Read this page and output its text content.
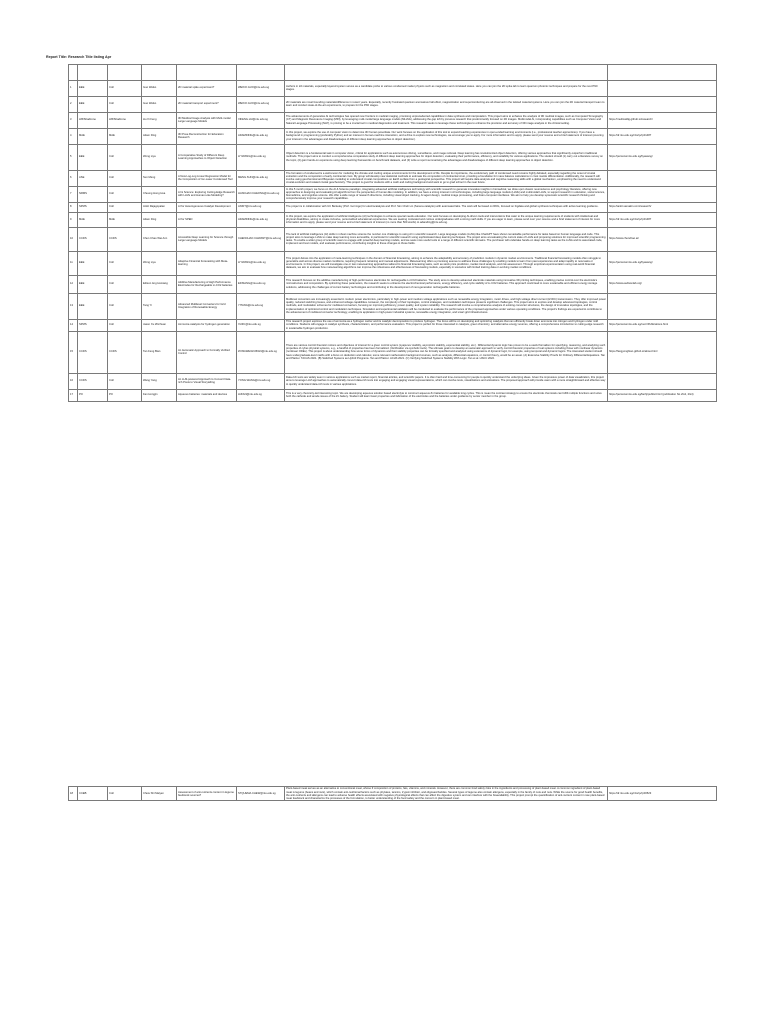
Report Title: Research Title listing Apr

1	EEE	Coll	Guo Weiko	2D material spike experiment?	WEIKO.GUO@ntu.edu.sg	Authors in 2d materials, especially layered system serves as a candidate probe to various condensed matter physics such as magnetism and correlated states. Here you can join the 2D spike lab to learn quantum photonic techniques and prepare for the next PhD stages.	
2	EEE	Coll	Guo Weiko	2D material transport experiment?	WEIKO.GUO@ntu.edu.sg	2D materials are novel bounding materials/difference in recent years. Especially, recently frustrated quantum anomalous hall effect, magnetization and superconducting are all observed in the twisted material systems. Here you can join the 2D material transport team to learn and conduct state-of-the-art experiments, to prepare for the PhD stages.	
3	LIB/Shadzone	LIB/Shadzone	Hu Xi Feng	3D Medical Image Analysis with Multi-modal Large Language Models	XIFENG.HU@ntu.edu.sg	The advancements of generative AI technologies has opened new frontiers in medical imaging, promising unprecedented capabilities in data synthesis and interpretation. This project aims to enhance the analysis of 3D medical images, such as Computed Tomography (CT) and Magnetic Resonance Imaging (MRI), by leveraging multi-modal large language models (MLLMs), addressing the gap left by previous research that predominantly focused on 2D images. Multimodal AI, incorporating capabilities such as Computer Vision and Natural Language Processing (NLP), is proving to be a crucial tool in medical diagnostics and treatment. This research seeks to leverage these technologies to enhance the precision and accuracy of 3D image analysis in the clinical setting.	https://medicaldig.github.io/research/
4	MAE	MAE	Adam Ding	3D Pose Reconstruction for Education Research	ADAMDING@ntu.edu.sg	In this project, we explore the use of computer vision to determine 3D human pose/data. Our work focuses on the application of this tool to expand teaching experiences in open-ended learning environments (i.e., professional teacher apprentices). If you have a background in programming (preferably Python) and an interest in human-machine interaction, and a drive to explore new technologies, we encourage you to apply. For more information and to apply, please send your resume and a brief statement of interest (covering your interest in the advantages and disadvantages of different deep learning approaches to object detection).	https://dr.ntu.edu.sg/cris/rp/rp01487
5	EEE	Coll	Wong Liya	A Comparative Study of Different Deep Learning Approaches to Object Detection	LIYWANG@ntu.edu.sg	Object detection is a fundamental task in computer vision, critical for applications such as autonomous driving, surveillance, and image retrieval. Deep learning has revolutionized object detection, offering various approaches that significantly outperform traditional methods. This project aims to conduct a comprehensive comparative study of different deep learning approaches for object detection, evaluating their performance, efficiency, and suitability for various applications. The student should (1) carry out a literature survey on the topic, (2) gain hands-on experience using deep learning frameworks on benchmark datasets, and (3) write a report summarising the advantages and disadvantages of different deep learning approaches to object detection.	https://personal.ntu.edu.sg/liyawang/
6	ASE	Coll	Sun Meng	A New Log-Log Linear Regression Model for the Composition of Ion-Laser Condensed Tool	MENG.SUN@ntu.edu.sg	The formation of condensed is a well-known for modeling the climate and cooling unique environments for the development of life. Despite its importance, the evolutionary path of condensed need remains highly debated, especially regarding the onset of crustal extraction and the composition of early continental crust. My group will develop new statistical methods to estimate the composition of continental crust, providing a foundation for mass balance calculations in crust mantle differentiation. Additionally, the research will involve using geochemical and Bayesian modeling to understand crustal compositions on Earth surface from a geological perspective. This project will require data analysis and cognitive reasoning skills with a global mechanism, emphasizing the need to understand crustal evolution and related crustal geochemistry. This project is good for students with a math and coding background and want to go to grad school in the near future.	
7	NRMS	Coll	Cheung Hong Hua	AI & Science: Exploring Cutting-Edge Research with LLMs and Human-Like Modeling?	HANCHAO.CHEONG@ntu.edu.sg	In this 5 month project, we focus on the AI & Science paradigm, integrating advanced artificial intelligence technology with scientific research to generate innovative insights in biomedical, we draw upon classic neuroscience and psychology literature, offering new approaches to designing and evaluating AI algorithms from the perspective of human-like modeling. In addition, we have a strong interest in AI technologies, including large language models (LLMs) and multimodal LLMs, to support research in education, social science, biomedicine, and cognitive science. We offer a wide range of research directions, including visual object tracking, AI agent design, medical image processing, and brain-computer interfaces. We aim to help you develop systematic scientific research thinking and comprehensively improve your research capabilities.	
8	SPMS	Coll	Ankit Rajagopalan	AI for Heterogeneous Catalyst Development	ANKIT@ntu.edu.sg	The project is in collaboration with UC Berkeley (Prof. Gori Ago) for electrocatalysis and Prof. Sim Cheh Lin (Serena catalysis) with automated labs. The work will be based on RDG, focused on bigdata and global synthesis techniques with active learning guidance.	https://ankit.sarvakin.com/research/
9	MAE	MAE	Adam Ding	AI for SPED	ADAMDING@ntu.edu.sg	In this project, we explore the application of artificial intelligence (AI) technologies to enhance special needs education. Our work focuses on developing AI-driven tools and interventions that cater to the unique learning requirements of students with intellectual and physical disabilities, aiming to create inclusive, personalized educational experiences. We are seeking motivated and curious undergraduates with a strong math skills. If you are eager to learn, please send over your resume and a brief statement of interest for more information and to apply, please send your resume and a brief statement of interest (no more than 500 words) to adamding@ntu.edu.sg.	https://dr.ntu.edu.sg/cris/rp/rp01487
10	CCDS	CCDS	Chen Chao Wei Ann	Accessible Deep Learning for Science through Large Language Models	CHENCHAO.CHWANT@ntu.edu.sg	The lack of artificial intelligence (AI) skills in robust machine science the number one challenge to using AI in scientific research. Large language models (LLMs) like ChatGPT have shown remarkable performance for tasks based on human language and code. This project aims to leverage LLMs to make deep learning more accessible, in particular for scientific research using sophisticated deep learning techniques. The project aims at evaluating the current state of LLMs and proposing solutions for improved scientific programming tasks. To enable a wider group of scientific users to engage with powerful deep learning models, and we seek more useful tools to a range of different scientific domains. The purchaser will undertake hands-on deep learning tasks as the LLMs and its associated code, implement and test models, and evaluate performance, contributing insights to these changes to those fields.	https://www.chenchao.ai/
11	EEE	Coll	Wong Liya	Adaptive Financial Forecasting with Meta-learning	LIYWANG@ntu.edu.sg	This project delves into the application of meta-learning techniques in the domain of financial forecasting, aiming to enhance the adaptability and accuracy of prediction models in dynamic market environments. Traditional financial forecasting models often struggle to generalize well across diverse market conditions, requiring frequent retraining and manual adjustments. Meta-learning offers a promising avenue to address these challenges by enabling models to learn from past experiences and adapt rapidly to new tasks or environments. In this project, we will investigate one or two meta-learning approaches tailored to financial forecasting tasks, such as stock price prediction, market trend analysis, and risk assessment. Through empirical experimentation using real-world financial datasets, we aim to evaluate how meta-learning algorithms can improve the robustness and effectiveness of forecasting models, especially in scenarios with limited training data or evolving market conditions.	https://personal.ntu.edu.sg/liyawang/
12	EEE	Coll	Edison Ang Huixiang	Additive Manufacturing of High Performance Electrodes for Rechargeable Li-CO2 batteries	EDISANG@ntu.edu.sg	This research focuses on the additive manufacturing of high-performance electrodes for rechargeable Li-CO2 batteries. The study aims to develop advanced electrode materials using innovative 3D printing techniques, enabling precise control over the electrode's microstructure and composition. By optimizing these parameters, the research seeks to enhance the electrochemical performance, energy efficiency, and cycle stability of Li-CO2 batteries. This approach could lead to more sustainable and efficient energy storage solutions, addressing the challenges of current battery technologies and contributing to the development of next-generation rechargeable batteries.	https://www.eedisonlab.org/
13	EEE	Coll	Tang Yi	Advanced Multilevel Converters for Grid Integration of Renewable Energy	YITANG@ntu.edu.sg	Multilevel converters are increasingly essential in modern power electronics, particularly in high-power and medium-voltage applications such as renewable energy integration, motor drives, and high-voltage direct current (HVDC) transmission. They offer improved power quality, reduced switching losses, and enhanced voltage capabilities. However, the complexity of their topologies, control strategies, and modulation techniques presents significant challenges. This project aims to explore and develop advanced topologies, control methods, and modulation schemes for multilevel converters, focusing on improving efficiency, power quality, and system reliability. The research will involve a comprehensive analysis of existing converter structures, the design of innovative topologies, and the implementation of optimized control and modulation techniques. Simulation and experimental validation will be conducted to evaluate the performance of the proposed approaches under various operating conditions. The project's findings are expected to contribute to the advancement of multilevel converter technology, enabling its application in high-power industrial systems, renewable energy integration, and smart grid infrastructures.	
14	SPMS	Coll	Jason Xu Zhichuan	Ammonia catalysts for hydrogen generation	XUZC@ntu.edu.sg	This research project explores the use of ammonia as a hydrogen carrier and its catalytic decomposition to produce hydrogen. The focus will be on developing and optimizing catalysts that can efficiently break down ammonia into nitrogen and hydrogen under mild conditions. Students will engage in catalyst synthesis, characterization, and performance evaluation. This project is perfect for those interested in catalysis, green chemistry, and alternative energy sources, offering a comprehensive introduction to cutting-edge research in sustainable hydrogen production.	https://personal.ntu.edu.sg/xuzc/Publications.html
15	CCDS	CCDS	Tan Feng Bian	An Automatic Approach to Formally Verified Control	ZONGWEIAN.BIAN@ntu.edu.sg	There are various control theoretic notions and objectives of interest for a given control system (Lyapunov stability, asymptotic stability, exponential stability, etc.). Differential dynamic logic has proven to be a useful formalism for specifying, reasoning, and analyzing such properties of cyber-physical systems, e.g., a handful of properties has been formalized. (Verification via symbolic tools). The ultimate goal is to develop an automatic approach to verify control theoretic properties of real systems including those with nonlinear dynamics (nonlinear ODEs). This project is about understanding how some forms of dynamics and their stability properties can be formally specified and analyzed using extensions of dynamic logic, for example, using temporal and dynamic logics. The interested student should have undergraduate-level maths with a focus on deduction and calculus; some relevant mathematics background courses, such as analysis, differential equations, or control theory, would be an asset. (A) Extensive Stability Proofs for Ordinary Differential Equations. Tan and Platzer. TACAS 2021. (B) Switched Systems as Hybrid Programs. Tan and Platzer. ACHS 2021. (C) Verifying Switched Systems Stability With Logic. Tan et al. HSCC 2022.	https://fangyongbian.github.io/about.html
16	CCDS	Coll	Wang Yang	An LLM-powered Approach to Convert Data-rich Posts to Visual Storytelling	YONG.WANG@ntu.edu.sg	Data-rich texts are widely seen in various applications such as market report, financial articles, and scientific papers. It is often hard and time-consuming for people to quickly understand the underlying ideas. Given the impressive power of data visualization, this project aims to leverage LLM approaches to automatically convert data-rich texts into engaging and engaging visual representations, which can involve texts, visualizations and animations. The proposed approach will provide users with a more straightforward and effective way to quickly understand data-rich texts in various applications.	
17	PO	PO	Fan Hongjin	Aqueous batteries: materials and devices	HJFAN@ntu.edu.sg	This is a very chemistry-led interesting topic. We are developing aqueous solution based electrolyte to construct aqueous Zn batteries for available long cycles. This is mean the contrast strategy to ensure the electrode chemicals can fulfill multiple functions and solve both the cathode and anode issues of the Zn battery. Student will learn basic properties and fabrication of the electrodes and the batteries under guidance by senior member in the group.	https://personal.ntu.edu.sg/fanhj/publist.html (publication No 2G2, 2G4)
18	CCEB	Coll	Chew Shi Maiyen	Assessment of anti-nutrients content in legume feedstock sources?	STQUEMA.CHEW@ntu.edu.sg	Plant-based meat serves as an alternative to conventional meat, whose # composition of proteins, fats, vitamins, and minerals. However, there are common food safety risks in the ingredients and processing of plant-based meat. A common ingredient of plant-based meat is legume (beans and nuts), which contain anti-nutritional factors such as phytates, tannins, trypsin inhibitor, and oligosaccharides. Several types of legume also contain allergens, especially in the family of nuts and nuts. While the source for good health benefits, the anti-nutrients and allergens can lead to adverse health effects associated with negative physiological effects that can affect the digestive system and can interfere with the bioavailability. This project prompt the quantification of anti-nutrient content in raw plant-based meat feedstock and characterize the processes of the formulation, to better understanding of the food safety and the concern in plant-based meat.	https://dr.ntu.edu.sg/cris/rp/rp00523
